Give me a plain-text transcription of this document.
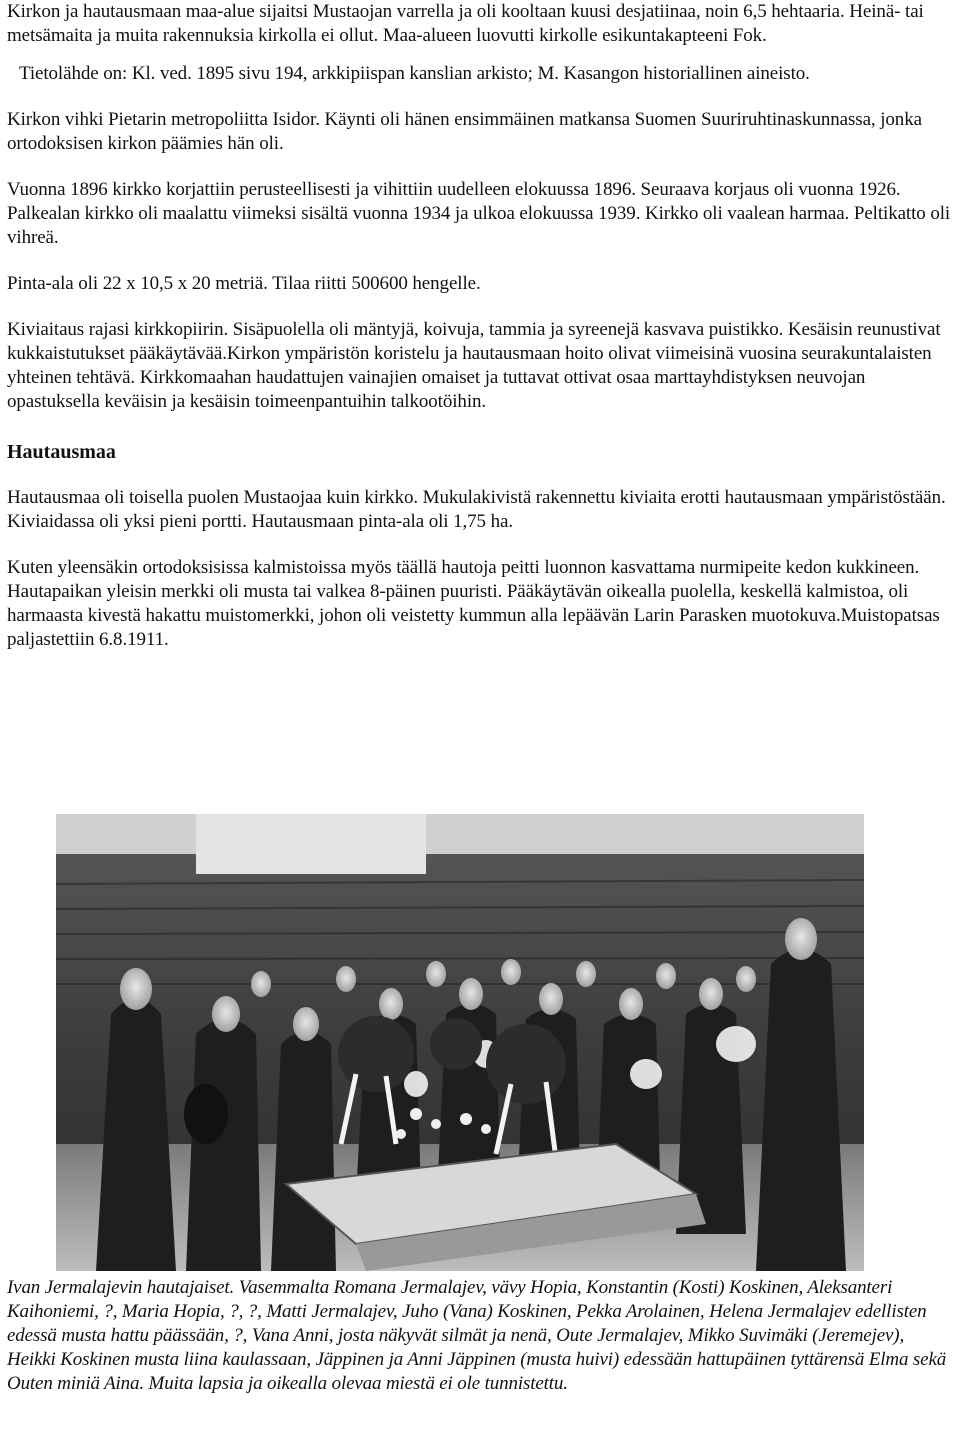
Kirkon ja hautausmaan maa-alue sijaitsi Mustaojan varrella ja oli kooltaan kuusi desjatiinaa, noin 6,5 hehtaaria. Heinä- tai metsämaita ja muita rakennuksia kirkolla ei ollut. Maa-alueen luovutti kirkolle esikuntakapteeni Fok.

Tietolähde on: Kl. ved. 1895 sivu 194, arkkipiispan kanslian arkisto; M. Kasangon historiallinen aineisto.

Kirkon vihki Pietarin metropoliitta Isidor. Käynti oli hänen ensimmäinen matkansa Suomen Suuriruhtinaskunnassa, jonka ortodoksisen kirkon päämies hän oli.

Vuonna 1896 kirkko korjattiin perusteellisesti ja vihittiin uudelleen elokuussa 1896. Seuraava korjaus oli vuonna 1926. Palkealan kirkko oli maalattu viimeksi sisältä vuonna 1934 ja ulkoa elokuussa 1939. Kirkko oli vaalean harmaa. Peltikatto oli vihreä.

Pinta-ala oli 22 x 10,5 x 20 metriä. Tilaa riitti 500600 hengelle.

Kiviaitaus rajasi kirkkopiirin. Sisäpuolella oli mäntyjä, koivuja, tammia ja syreenejä kasvava puistikko. Kesäisin reunustivat kukkaistutukset pääkäytävää.Kirkon ympäristön koristelu ja hautausmaan hoito olivat viimeisinä vuosina seurakuntalaisten yhteinen tehtävä. Kirkkomaahan haudattujen vainajien omaiset ja tuttavat ottivat osaa marttayhdistyksen neuvojan opastuksella keväisin ja kesäisin toimeenpantuihin talkootöihin.

Hautausmaa

Hautausmaa oli toisella puolen Mustaojaa kuin kirkko. Mukulakivistä rakennettu kiviaita erotti hautausmaan ympäristöstään. Kiviaidassa oli yksi pieni portti. Hautausmaan pinta-ala oli 1,75 ha.

Kuten yleensäkin ortodoksisissa kalmistoissa myös täällä hautoja peitti luonnon kasvattama nurmipeite kedon kukkineen. Hautapaikan yleisin merkki oli musta tai valkea 8-päinen puuristi. Pääkäytävän oikealla puolella, keskellä kalmistoa, oli harmaasta kivestä hakattu muistomerkki, johon oli veistetty kummun alla lepäävän Larin Parasken muotokuva.Muistopatsas paljastettiin 6.8.1911.

Ivan Jermalajevin hautajaiset. Vasemmalta Romana Jermalajev, vävy Hopia, Konstantin (Kosti) Koskinen, Aleksanteri Kaihoniemi, ?, Maria Hopia, ?, ?, Matti Jermalajev, Juho (Vana) Koskinen, Pekka Arolainen, Helena Jermalajev edellisten edessä musta hattu päässään, ?, Vana Anni, josta näkyvät silmät ja nenä, Oute Jermalajev, Mikko Suvimäki (Jeremejev), Heikki Koskinen musta liina kaulassaan, Jäppinen ja Anni Jäppinen (musta huivi) edessään hattupäinen tyttärensä Elma sekä Outen miniä Aina. Muita lapsia ja oikealla olevaa miestä ei ole tunnistettu.
